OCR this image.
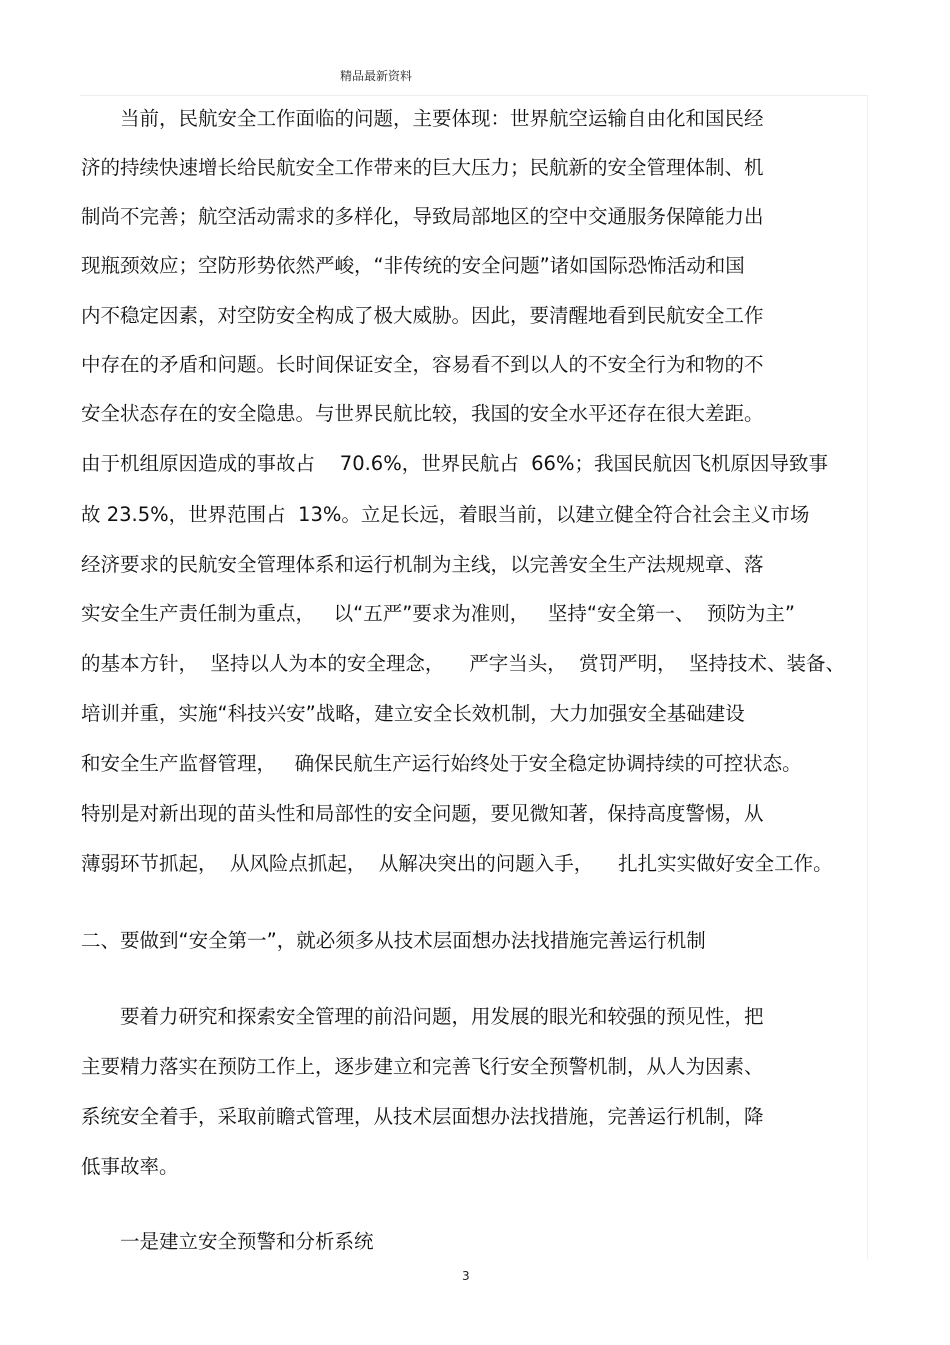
精品最新资料
当前，民航安全工作面临的问题，主要体现：世界航空运输自由化和国民经
济的持续快速增长给民航安全工作带来的巨大压力；民航新的安全管理体制、机
制尚不完善；航空活动需求的多样化，导致局部地区的空中交通服务保障能力出
现瓶颈效应；空防形势依然严峻，“非传统的安全问题”诸如国际恐怖活动和国
内不稳定因素，对空防安全构成了极大威胁。因此，要清醒地看到民航安全工作
中存在的矛盾和问题。长时间保证安全，容易看不到以人的不安全行为和物的不
安全状态存在的安全隐患。与世界民航比较，我国的安全水平还存在很大差距。
由于机组原因造成的事故占    70.6%，世界民航占  66%；我国民航因飞机原因导致事
故 23.5%，世界范围占  13%。立足长远，着眼当前，以建立健全符合社会主义市场
经济要求的民航安全管理体系和运行机制为主线，以完善安全生产法规规章、落
实安全生产责任制为重点，   以“五严”要求为准则，   坚持“安全第一、  预防为主”
的基本方针，  坚持以人为本的安全理念，    严字当头，  赏罚严明，  坚持技术、装备、
培训并重，实施“科技兴安”战略，建立安全长效机制，大力加强安全基础建设
和安全生产监督管理，   确保民航生产运行始终处于安全稳定协调持续的可控状态。
特别是对新出现的苗头性和局部性的安全问题，要见微知著，保持高度警惕，从
薄弱环节抓起，  从风险点抓起，  从解决突出的问题入手，    扎扎实实做好安全工作。
二、要做到“安全第一”，就必须多从技术层面想办法找措施完善运行机制
要着力研究和探索安全管理的前沿问题，用发展的眼光和较强的预见性，把
主要精力落实在预防工作上，逐步建立和完善飞行安全预警机制，从人为因素、
系统安全着手，采取前瞻式管理，从技术层面想办法找措施，完善运行机制，降
低事故率。
一是建立安全预警和分析系统
3
